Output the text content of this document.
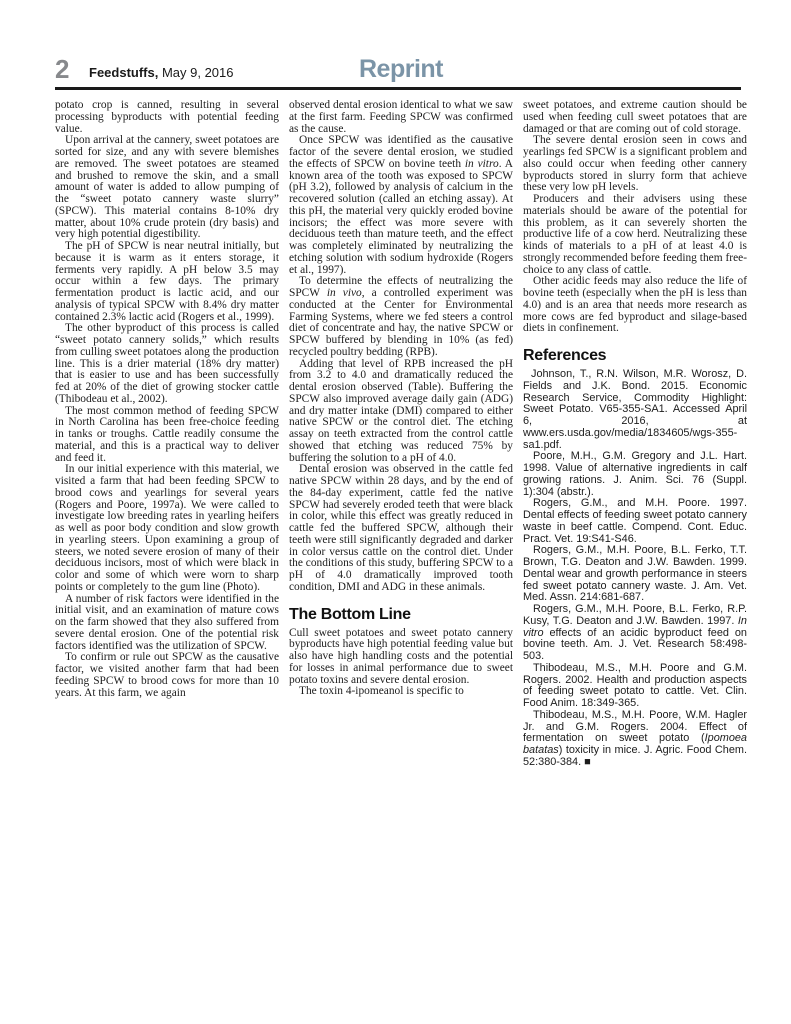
2 Feedstuffs, May 9, 2016	Reprint

potato crop is canned, resulting in several processing byproducts with potential feeding value.

Upon arrival at the cannery, sweet potatoes are sorted for size, and any with severe blemishes are removed. The sweet potatoes are steamed and brushed to remove the skin, and a small amount of water is added to allow pumping of the “sweet potato cannery waste slurry” (SPCW). This material contains 8-10% dry matter, about 10% crude protein (dry basis) and very high potential digestibility.

The pH of SPCW is near neutral initially, but because it is warm as it enters storage, it ferments very rapidly. A pH below 3.5 may occur within a few days. The primary fermentation product is lactic acid, and our analysis of typical SPCW with 8.4% dry matter contained 2.3% lactic acid (Rogers et al., 1999).

The other byproduct of this process is called “sweet potato cannery solids,” which results from culling sweet potatoes along the production line. This is a drier material (18% dry matter) that is easier to use and has been successfully fed at 20% of the diet of growing stocker cattle (Thibodeau et al., 2002).

The most common method of feeding SPCW in North Carolina has been free-choice feeding in tanks or troughs. Cattle readily consume the material, and this is a practical way to deliver and feed it.

In our initial experience with this material, we visited a farm that had been feeding SPCW to brood cows and yearlings for several years (Rogers and Poore, 1997a). We were called to investigate low breeding rates in yearling heifers as well as poor body condition and slow growth in yearling steers. Upon examining a group of steers, we noted severe erosion of many of their deciduous incisors, most of which were black in color and some of which were worn to sharp points or completely to the gum line (Photo).

A number of risk factors were identified in the initial visit, and an examination of mature cows on the farm showed that they also suffered from severe dental erosion. One of the potential risk factors identified was the utilization of SPCW.

To confirm or rule out SPCW as the causative factor, we visited another farm that had been feeding SPCW to brood cows for more than 10 years. At this farm, we again

observed dental erosion identical to what we saw at the first farm. Feeding SPCW was confirmed as the cause.

Once SPCW was identified as the causative factor of the severe dental erosion, we studied the effects of SPCW on bovine teeth in vitro. A known area of the tooth was exposed to SPCW (pH 3.2), followed by analysis of calcium in the recovered solution (called an etching assay). At this pH, the material very quickly eroded bovine incisors; the effect was more severe with deciduous teeth than mature teeth, and the effect was completely eliminated by neutralizing the etching solution with sodium hydroxide (Rogers et al., 1997).

To determine the effects of neutralizing the SPCW in vivo, a controlled experiment was conducted at the Center for Environmental Farming Systems, where we fed steers a control diet of concentrate and hay, the native SPCW or SPCW buffered by blending in 10% (as fed) recycled poultry bedding (RPB).

Adding that level of RPB increased the pH from 3.2 to 4.0 and dramatically reduced the dental erosion observed (Table). Buffering the SPCW also improved average daily gain (ADG) and dry matter intake (DMI) compared to either native SPCW or the control diet. The etching assay on teeth extracted from the control cattle showed that etching was reduced 75% by buffering the solution to a pH of 4.0.

Dental erosion was observed in the cattle fed native SPCW within 28 days, and by the end of the 84-day experiment, cattle fed the native SPCW had severely eroded teeth that were black in color, while this effect was greatly reduced in cattle fed the buffered SPCW, although their teeth were still significantly degraded and darker in color versus cattle on the control diet. Under the conditions of this study, buffering SPCW to a pH of 4.0 dramatically improved tooth condition, DMI and ADG in these animals.

The Bottom Line

Cull sweet potatoes and sweet potato cannery byproducts have high potential feeding value but also have high handling costs and the potential for losses in animal performance due to sweet potato toxins and severe dental erosion.

The toxin 4-ipomeanol is specific to

sweet potatoes, and extreme caution should be used when feeding cull sweet potatoes that are damaged or that are coming out of cold storage.

The severe dental erosion seen in cows and yearlings fed SPCW is a significant problem and also could occur when feeding other cannery byproducts stored in slurry form that achieve these very low pH levels.

Producers and their advisers using these materials should be aware of the potential for this problem, as it can severely shorten the productive life of a cow herd. Neutralizing these kinds of materials to a pH of at least 4.0 is strongly recommended before feeding them free-choice to any class of cattle.

Other acidic feeds may also reduce the life of bovine teeth (especially when the pH is less than 4.0) and is an area that needs more research as more cows are fed byproduct and silage-based diets in confinement.

References

Johnson, T., R.N. Wilson, M.R. Worosz, D. Fields and J.K. Bond. 2015. Economic Research Service, Commodity Highlight: Sweet Potato. V65-355-SA1. Accessed April 6, 2016, at www.ers.usda.gov/media/1834605/wgs-355-sa1.pdf.

Poore, M.H., G.M. Gregory and J.L. Hart. 1998. Value of alternative ingredients in calf growing rations. J. Anim. Sci. 76 (Suppl. 1):304 (abstr.).

Rogers, G.M., and M.H. Poore. 1997. Dental effects of feeding sweet potato cannery waste in beef cattle. Compend. Cont. Educ. Pract. Vet. 19:S41-S46.

Rogers, G.M., M.H. Poore, B.L. Ferko, T.T. Brown, T.G. Deaton and J.W. Bawden. 1999. Dental wear and growth performance in steers fed sweet potato cannery waste. J. Am. Vet. Med. Assn. 214:681-687.

Rogers, G.M., M.H. Poore, B.L. Ferko, R.P. Kusy, T.G. Deaton and J.W. Bawden. 1997. In vitro effects of an acidic byproduct feed on bovine teeth. Am. J. Vet. Research 58:498-503.

Thibodeau, M.S., M.H. Poore and G.M. Rogers. 2002. Health and production aspects of feeding sweet potato to cattle. Vet. Clin. Food Anim. 18:349-365.

Thibodeau, M.S., M.H. Poore, W.M. Hagler Jr. and G.M. Rogers. 2004. Effect of fermentation on sweet potato (Ipomoea batatas) toxicity in mice. J. Agric. Food Chem. 52:380-384. ■
